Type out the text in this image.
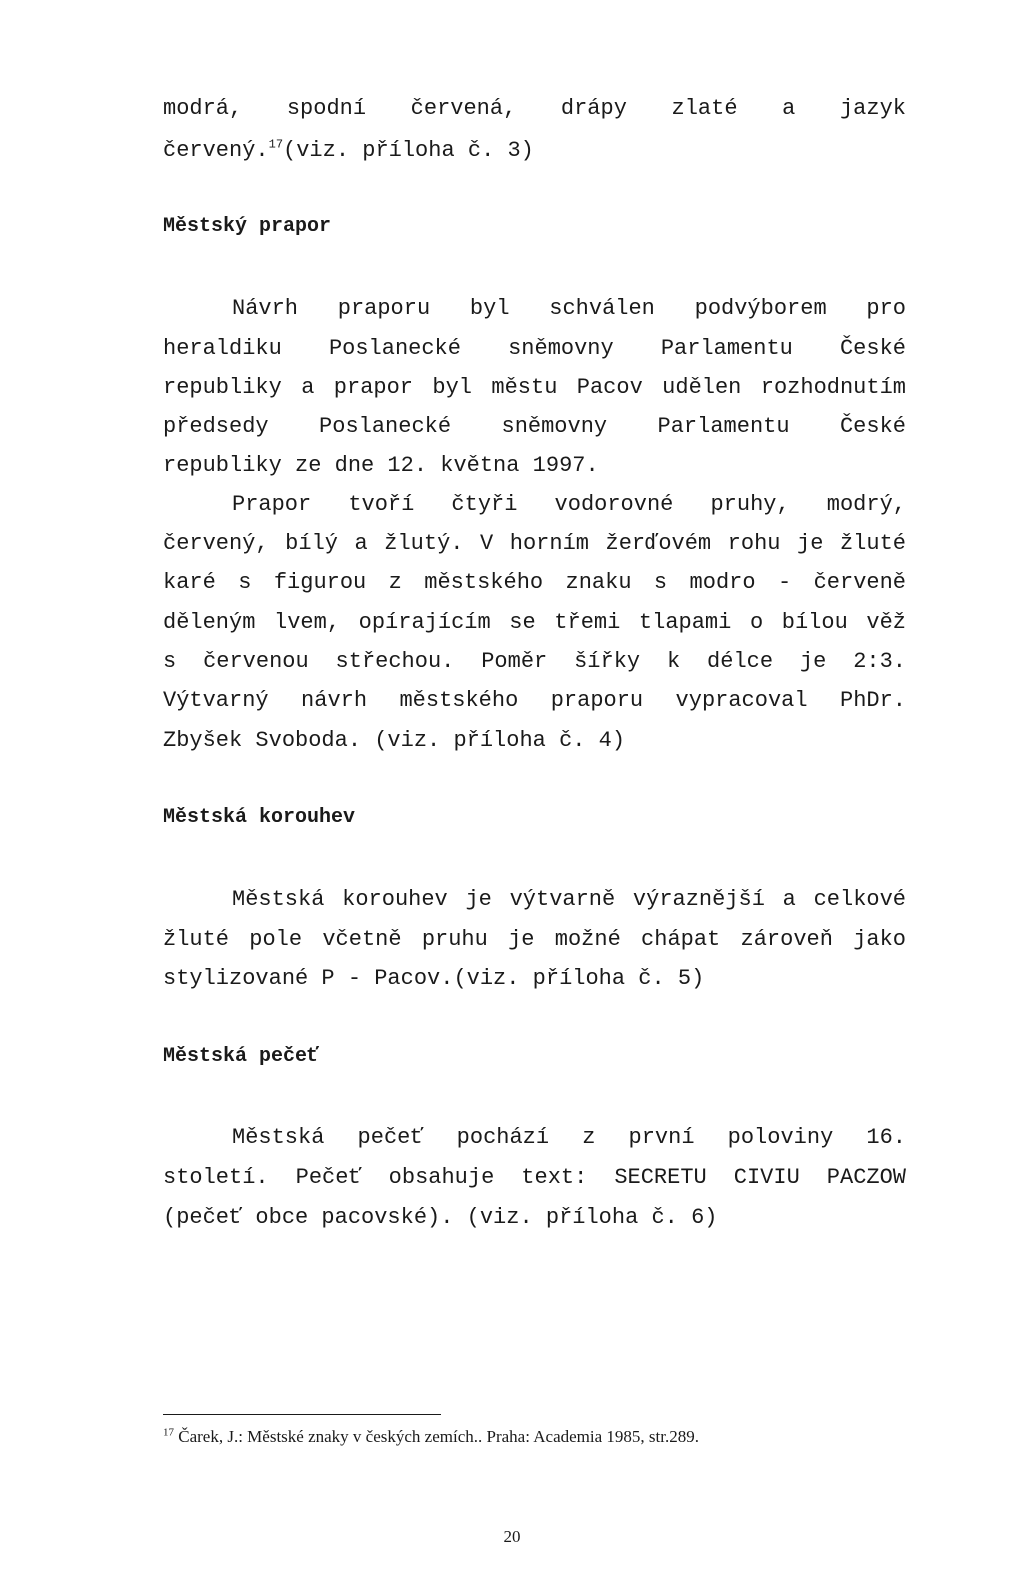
modrá, spodní červená, drápy zlaté a jazyk

červený.$^{17}$(viz. příloha č. 3)

Městský prapor

Návrh praporu byl schválen podvýborem pro

heraldiku Poslanecké sněmovny Parlamentu České

republiky a prapor byl městu Pacov udělen rozhodnutím

předsedy Poslanecké sněmovny Parlamentu České

republiky ze dne 12. května 1997.

Prapor tvoří čtyři vodorovné pruhy, modrý,

červený, bílý a žlutý. V horním žerďovém rohu je žluté

karé s figurou z městského znaku s modro - červeně

děleným lvem, opírajícím se třemi tlapami o bílou věž

s červenou střechou. Poměr šířky k délce je 2:3.

Výtvarný návrh městského praporu vypracoval PhDr.

Zbyšek Svoboda. (viz. příloha č. 4)

Městská korouhev

Městská korouhev je výtvarně výraznější a celkové

žluté pole včetně pruhu je možné chápat zároveň jako

stylizované P - Pacov.(viz. příloha č. 5)

Městská pečeť

Městská pečeť pochází z první poloviny 16.

století. Pečeť obsahuje text: SECRETU CIVIU PACZOW

(pečeť obce pacovské). (viz. příloha č. 6)

$^{17}$ Čarek, J.: Městské znaky v českých zemích.. Praha: Academia 1985, str.289.

20
